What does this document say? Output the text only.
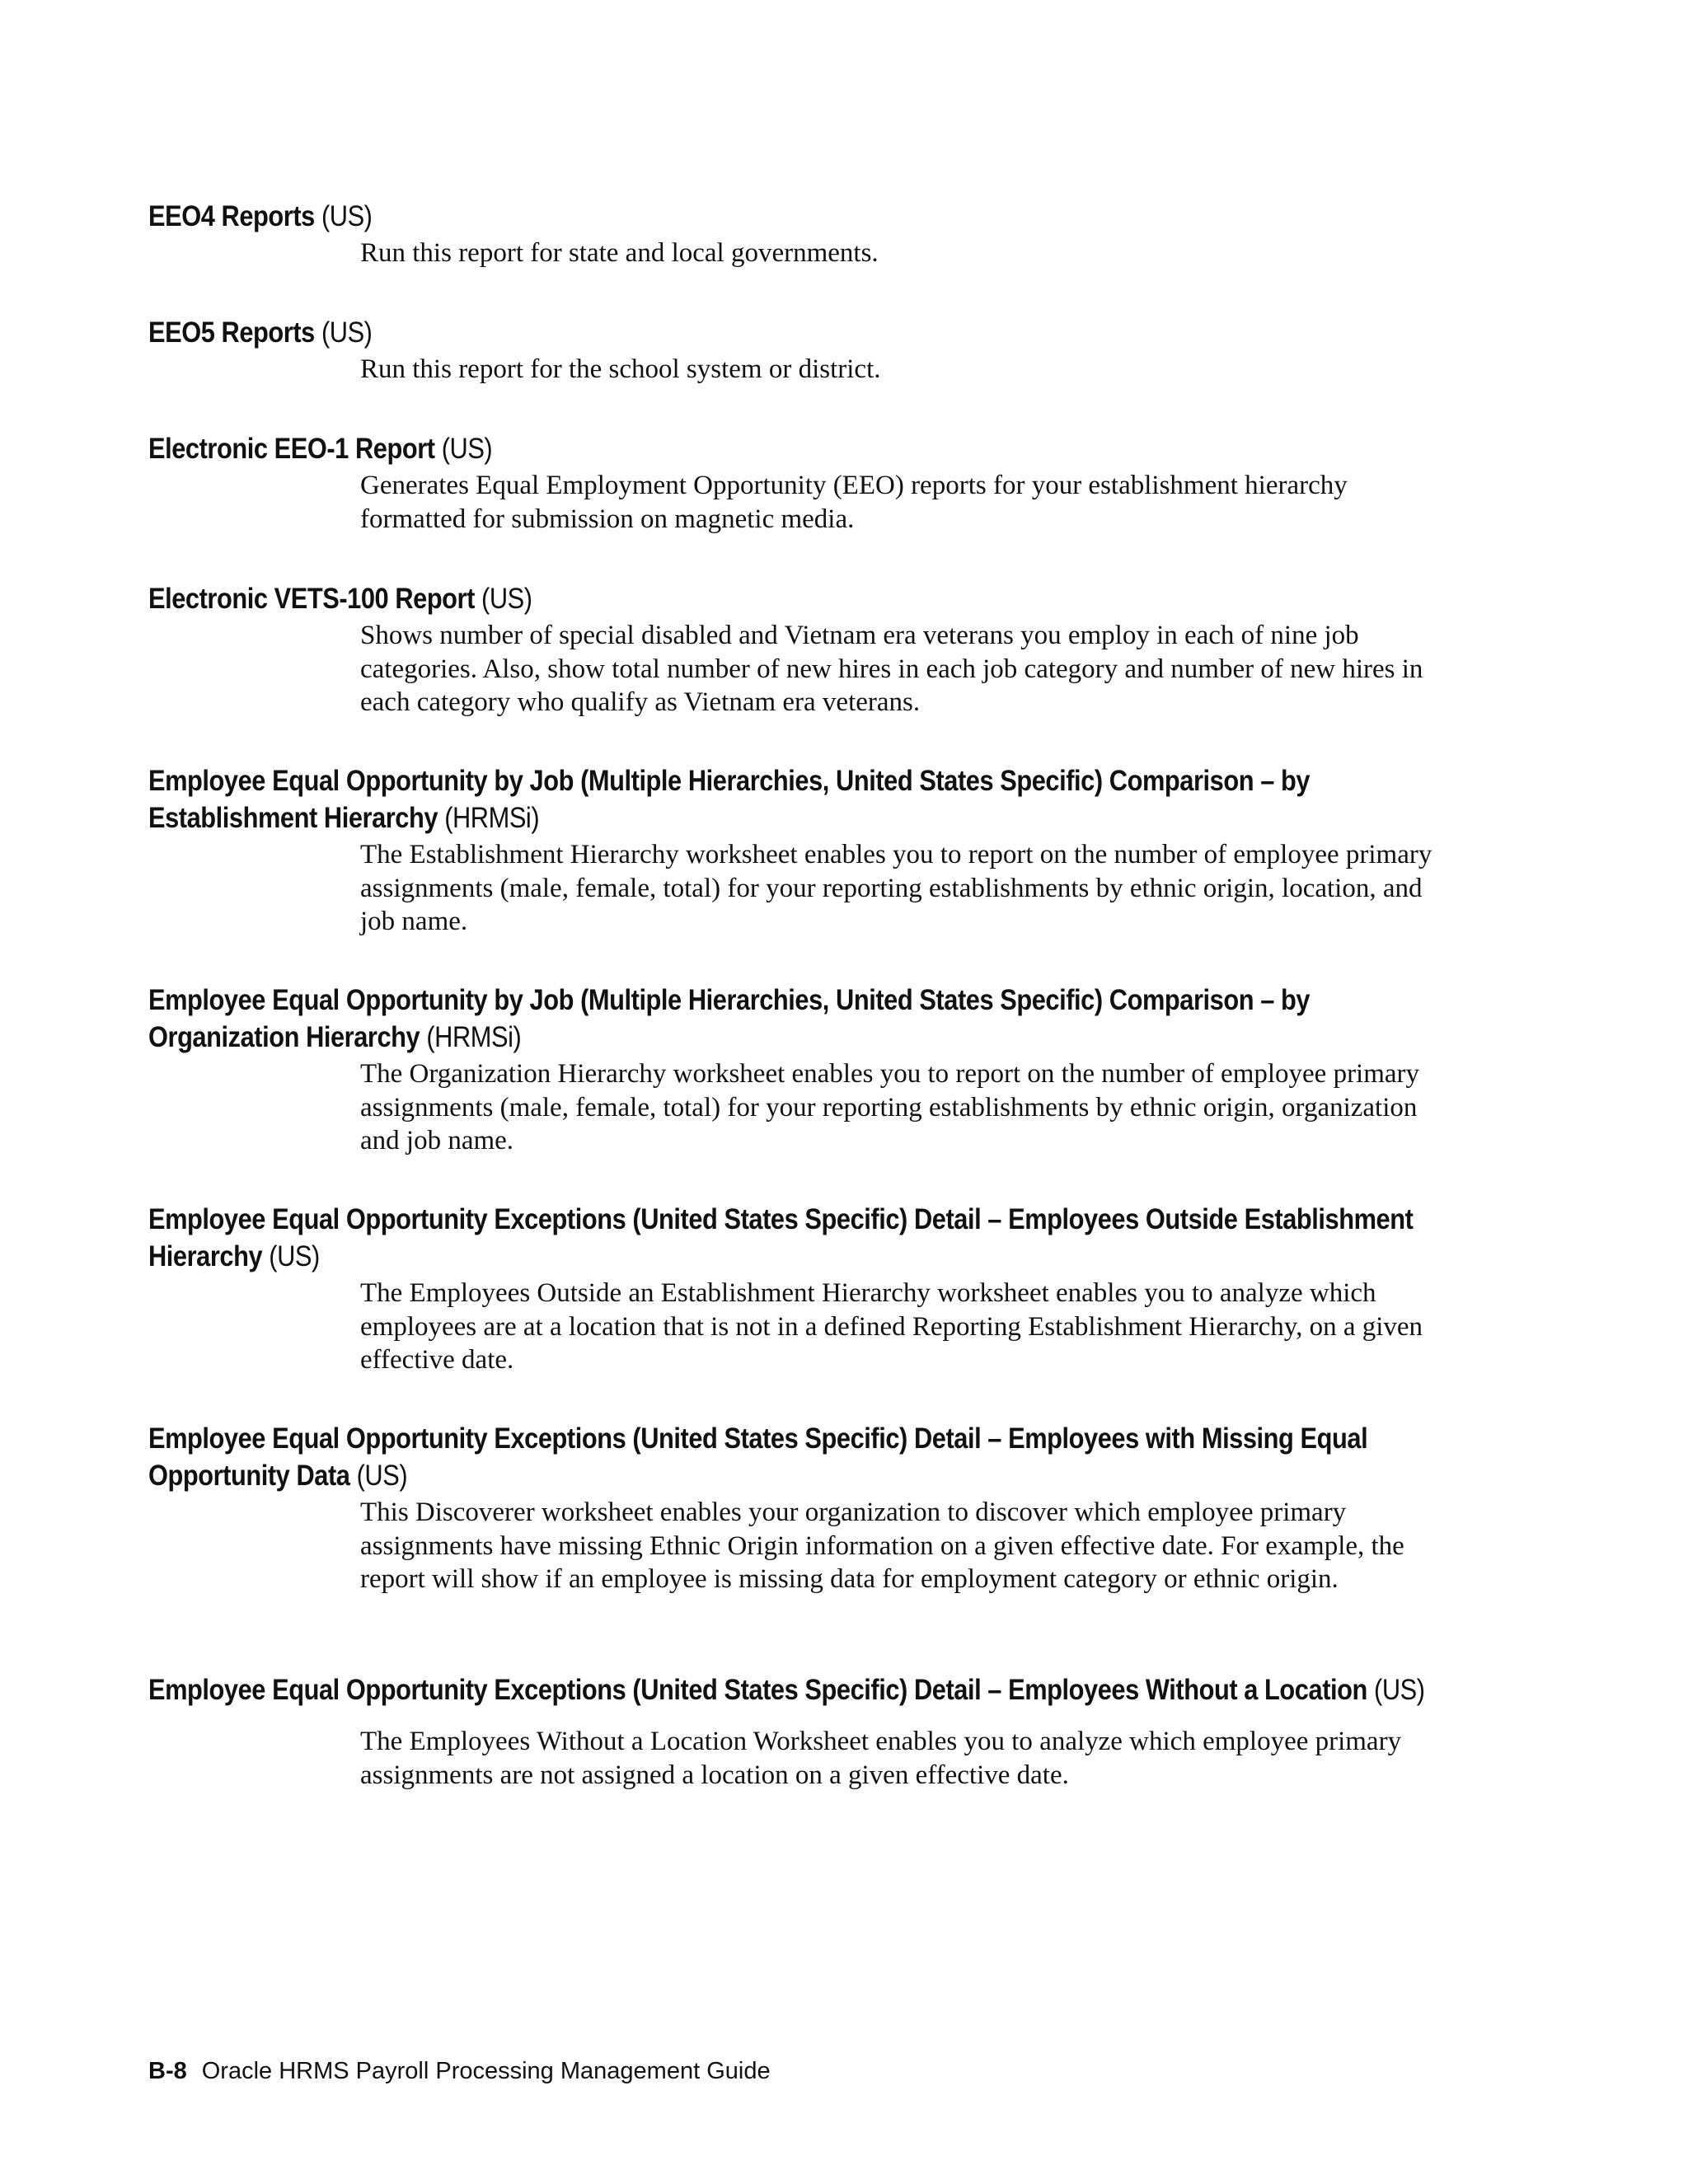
EEO4 Reports (US)

Run this report for state and local governments.

EEO5 Reports (US)

Run this report for the school system or district.

Electronic EEO-1 Report (US)

Generates Equal Employment Opportunity (EEO) reports for your establishment hierarchy formatted for submission on magnetic media.

Electronic VETS-100 Report (US)

Shows number of special disabled and Vietnam era veterans you employ in each of nine job categories. Also, show total number of new hires in each job category and number of new hires in each category who qualify as Vietnam era veterans.

Employee Equal Opportunity by Job (Multiple Hierarchies, United States Specific) Comparison – by Establishment Hierarchy (HRMSi)

The Establishment Hierarchy worksheet enables you to report on the number of employee primary assignments (male, female, total) for your reporting establishments by ethnic origin, location, and job name.

Employee Equal Opportunity by Job (Multiple Hierarchies, United States Specific) Comparison – by Organization Hierarchy (HRMSi)

The Organization Hierarchy worksheet enables you to report on the number of employee primary assignments (male, female, total) for your reporting establishments by ethnic origin, organization and job name.

Employee Equal Opportunity Exceptions (United States Specific) Detail – Employees Outside Establishment Hierarchy (US)

The Employees Outside an Establishment Hierarchy worksheet enables you to analyze which employees are at a location that is not in a defined Reporting Establishment Hierarchy, on a given effective date.

Employee Equal Opportunity Exceptions (United States Specific) Detail – Employees with Missing Equal Opportunity Data (US)

This Discoverer worksheet enables your organization to discover which employee primary assignments have missing Ethnic Origin information on a given effective date. For example, the report will show if an employee is missing data for employment category or ethnic origin.

Employee Equal Opportunity Exceptions (United States Specific) Detail – Employees Without a Location (US)

The Employees Without a Location Worksheet enables you to analyze which employee primary assignments are not assigned a location on a given effective date.

B-8 Oracle HRMS Payroll Processing Management Guide
